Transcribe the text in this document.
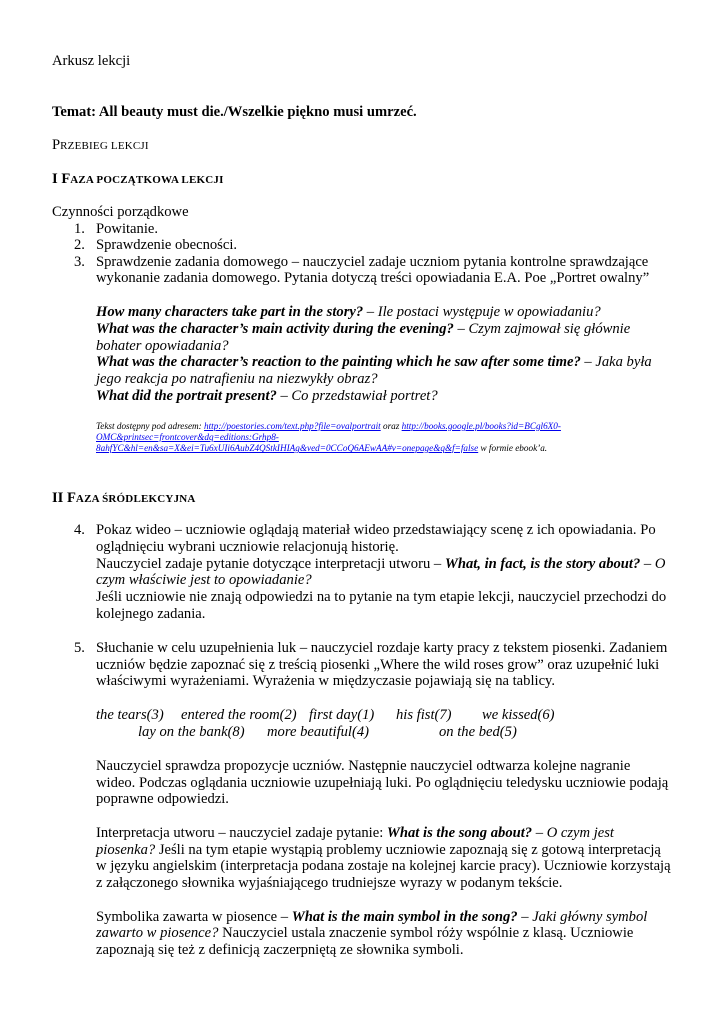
Arkusz lekcji
Temat: All beauty must die./Wszelkie piękno musi umrzeć.
PRZEBIEG LEKCJI
I FAZA POCZĄTKOWA LEKCJI
Czynności porządkowe
1. Powitanie.
2. Sprawdzenie obecności.
3. Sprawdzenie zadania domowego – nauczyciel zadaje uczniom pytania kontrolne sprawdzające
wykonanie zadania domowego. Pytania dotyczą treści opowiadania E.A. Poe „Portret owalny”
How many characters take part in the story? – Ile postaci występuje w opowiadaniu?
What was the character’s main activity during the evening? – Czym zajmował się głównie
bohater opowiadania?
What was the character’s reaction to the painting which he saw after some time? – Jaka była
jego reakcja po natrafieniu na niezwykły obraz?
What did the portrait present? – Co przedstawiał portret?
Tekst dostępny pod adresem: http://poestories.com/text.php?file=ovalportrait oraz http://books.google.pl/books?id=BCgl6X0-
OMC&printsec=frontcover&dq=editions:Grhp8-
8ahfYC&hl=en&sa=X&ei=Tu6xUIi6AubZ4QStkIHIAg&ved=0CCoQ6AEwAA#v=onepage&q&f=false w formie ebook’a.
II FAZA ŚRÓDLEKCYJNA
4. Pokaz wideo – uczniowie oglądają materiał wideo przedstawiający scenę z ich opowiadania. Po
oglądnięciu wybrani uczniowie relacjonują historię.
Nauczyciel zadaje pytanie dotyczące interpretacji utworu – What, in fact, is the story about? – O
czym właściwie jest to opowiadanie?
Jeśli uczniowie nie znają odpowiedzi na to pytanie na tym etapie lekcji, nauczyciel przechodzi do
kolejnego zadania.
5. Słuchanie w celu uzupełnienia luk – nauczyciel rozdaje karty pracy z tekstem piosenki. Zadaniem
uczniów będzie zapoznać się z treścią piosenki „Where the wild roses grow” oraz uzupełnić luki
właściwymi wyrażeniami. Wyrażenia w międzyczasie pojawiają się na tablicy.
the tears(3) entered the room(2) first day(1) his fist(7) we kissed(6)
lay on the bank(8) more beautiful(4)	on the bed(5)
Nauczyciel sprawdza propozycje uczniów. Następnie nauczyciel odtwarza kolejne nagranie
wideo. Podczas oglądania uczniowie uzupełniają luki. Po oglądnięciu teledysku uczniowie podają
poprawne odpowiedzi.
Interpretacja utworu – nauczyciel zadaje pytanie: What is the song about? – O czym jest
piosenka? Jeśli na tym etapie wystąpią problemy uczniowie zapoznają się z gotową interpretacją
w języku angielskim (interpretacja podana zostaje na kolejnej karcie pracy). Uczniowie korzystają
z załączonego słownika wyjaśniającego trudniejsze wyrazy w podanym tekście.
Symbolika zawarta w piosence – What is the main symbol in the song? – Jaki główny symbol
zawarto w piosence? Nauczyciel ustala znaczenie symbol róży wspólnie z klasą. Uczniowie
zapoznają się też z definicją zaczerpniętą ze słownika symboli.
